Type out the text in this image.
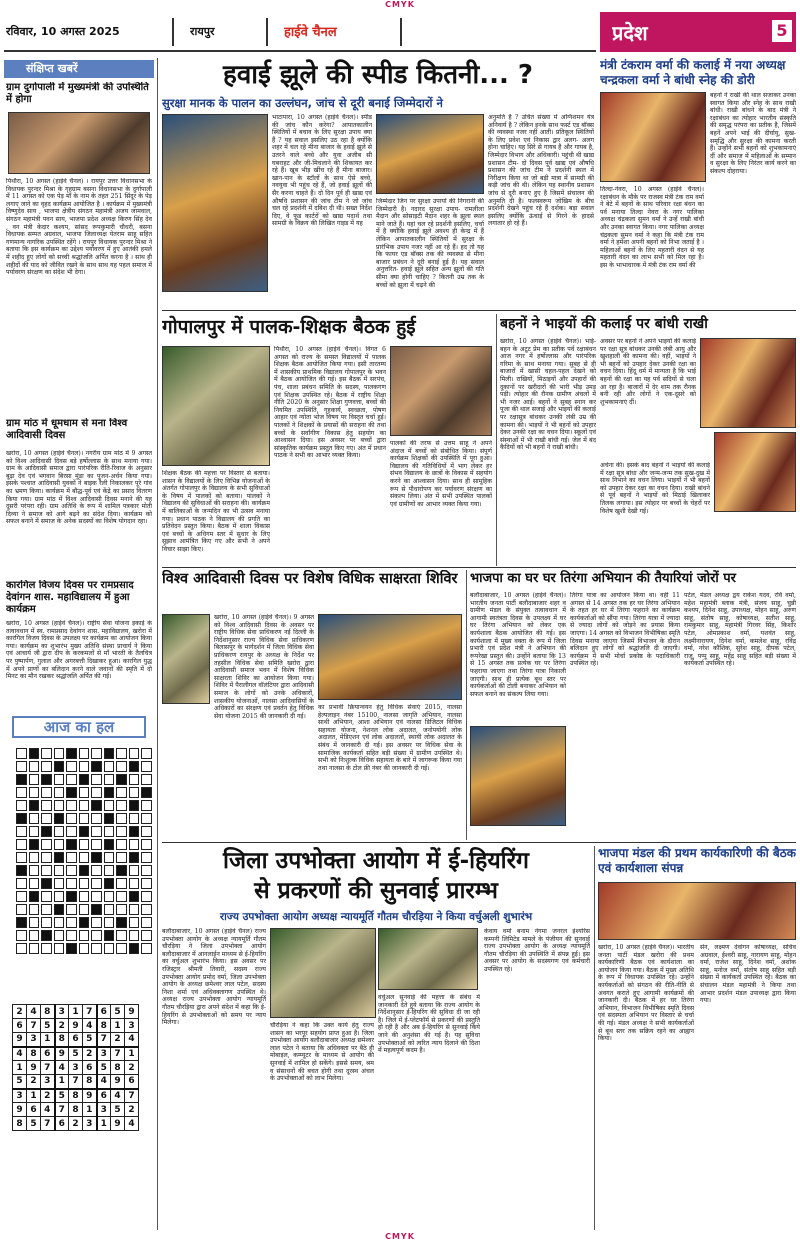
CMYK
रविवार, 10 अगस्त 2025	रायपुर	हाईवे चैनल	प्रदेश	5
संक्षिप्त खबरें
ग्राम दुर्गापाली में मुख्यमंत्री की उपस्थिति में होगा
पिथौरा, 10 अगस्त (हाईवे चैनल) । रायपुर उत्तर विधानसभा के विधायक पुरन्दर मिश्रा के गृहग्राम बसना विधानसभा के दुर्गापाली में 11 अगस्त को एक पेड़ माँ के नाम के तहत 251 सिंदूर के पेड़ लगाए जाने का वृहद कार्यक्रम आयोजित है । कार्यक्रम में मुख्यमंत्री विष्णुदेव साय , भाजपा क्षेत्रीय संगठन महामंत्री अजय जामवाल, संगठन महामंत्री पवन साय, भाजपा प्रदेश अध्यक्ष किरण सिंह देव , वन मंत्री केदार कश्यप, सांसद रूपकुमारी चौधरी, बसना विधायक सम्पत अग्रवाल, भाजपा जिलाध्यक्ष येतराम साहू सहित गणमान्य नागरिक उपस्थित रहेंगे । रायपुर विधायक पुरन्दर मिश्रा ने बताया कि इस कार्यक्रम का उद्देश्य पर्यावरण में हुए आतंकी हमले में शहीद हुए लोगों को सच्ची श्रद्धांजलि अर्पित करना है । साथ ही शहीदों की याद को जीवित रखने के साथ साथ यह पहल समाज में पर्यावरण संरक्षण का संदेश भी देगा।
ग्राम मांठ में धूमधाम से मना विश्व आदिवासी दिवस
खरोरा, 10 अगस्त (हाईवे चैनल)। नगरीय ग्राम मांठ में 9 अगस्त को विश्व आदिवासी दिवस बड़े हर्षोल्लास के साथ मनाया गया। ग्राम के आदिवासी समाज द्वारा पारंपरिक रीति-रिवाज के अनुसार बूढ़ा देव एवं भगवान बिरसा मुंडा का पूजन-अर्चन किया गया। इसके पश्चात आदिवासी युवकों ने बाइक रैली निकालकर पूरे गांव का भ्रमण किया। कार्यक्रम में बौद्ध-पूर्व एवं केंद्रे का प्रसाद वितरण किया गया। ग्राम मांठ में विश्व आदिवासी दिवस मनाने की यह दूसरी परंपरा रही। ग्राम अतिथि के रूप में शामिल पत्रकार मोती दिव्या ने समाज को आगे बढ़ने का संदेश दिया। कार्यक्रम को सफल बनाने में समाज के अनेक सदस्यों का विशेष योगदान रहा।
कारगिल विजय दिवस पर रामप्रसाद देवांगन शास. महाविद्यालय में हुआ कार्यक्रम
खरोरा, 10 अगस्त (हाईवे चैनल)। राष्ट्रीय सेवा योजना इकाई के तत्वावधान में स्व. रामप्रसाद देवांगन शास. महाविद्यालय, खरोरा में कारगिल विजय दिवस के उपलक्ष्य पर कार्यक्रम का आयोजन किया गया। कार्यक्रम का शुभारंभ मुख्य अतिथि संस्था प्राचार्य ने किया एवं आचार्य जी द्वारा दीप के करकमलों से माँ भारती के तैलचित्र पर पुष्पार्पण, गुलाल और अगरबत्ती दिखाकर हुआ। कारगिल युद्ध में अपने प्राणों का बलिदान करने वाले जवानों की स्मृति में दो मिनट का मौन रखकर श्रद्धांजलि अर्पित की गई।
आज का हल

2	4	8	3	1	7	6	5	9
6	7	5	2	9	4	8	1	3
9	3	1	8	6	5	7	2	4
4	8	6	9	5	2	3	7	1
1	9	7	4	3	6	5	8	2
5	2	3	1	7	8	4	9	6
3	1	2	5	8	9	6	4	7
9	6	4	7	8	1	3	5	2
8	5	7	6	2	3	1	9	4
हवाई झूले की स्पीड कितनी... ?
सुरक्षा मानक के पालन का उल्लंघन, जांच से दूरी बनाई जिम्मेदारों ने
भाटापारा, 10 अगस्त (हाईवे चैनल)। स्पीड की जांच कौन करेगा? आपातकालीन स्थितियों में बचाव के लिए सुरक्षा उपाय क्या हैं ? यह सवाल इसलिए उठ रहा है क्योंकि शहर में चल रहे मीना बाजार के हवाई झूले से उतरने वाले बच्चे और युवा अजीब सी घबराहट और जी-मिचलाने की शिकायत कर रहे हैं। खूब भीड़ खींच रहे हैं मीना बाजार। खान-पान के स्टॉलों के साथ ऐसे बच्चे, नवयुवा भी पहुंच रहे हैं, जो हवाई झूलों की सैर करना चाहते हैं। दो दिन पूर्व ही खाद्य एवं औषधि प्रशासन की जांच टीम ने जो जांच चल रहे प्रदर्शनी में दबिश दी थी। सख्त निर्देश दिए, वे फूड कार्टरों को खाद्य पदार्थ तथा सामग्री के विक्रय की लिखित गाइड में यह
जिम्मेदार जिन पर सुरक्षा उपायों की निगरानी की जिम्मेदारी है। नदारद सुरक्षा उपाय- रामलीला मैदान और सोसाइटी मैदान शहर के झूला स्थल माने जाते हैं। यहां चल रहे प्रदर्शनी इसलिए, चर्चा में है क्योंकि हवाई झूले अवश्य ही केन्द्र में हैं लेकिन आपातकालीन स्थितियों में सुरक्षा के प्रारंभिक उपाय नजर नहीं आ रहे हैं। हद तो यह कि फायर एड बॉक्स तक की व्यवस्था से मीना बाजार प्रबंधन ने दूरी बनाई हुई है। यह सवाल अनुत्तरित- हवाई झूले सहित अन्य झूलों की गति सीमा क्या होनी चाहिए ? कितनी उम्र तक के बच्चों को झूला में चढ़ने की
अनुमति है ? उचित संख्या में अग्निशमन यंत्र अनिवार्य है ? लेकिन इनके साथ फर्स्ट एड बॉक्स की व्यवस्था नजर नहीं आती। प्रतिकूल स्थितियों के लिए प्रवेश एवं निकास द्वार अलग- अलग होना चाहिए। यह सिरे से गायब है और गायब है, जिम्मेदार विभाग और अधिकारी। पहुंची थी खाद्य प्रशासन टीम- दो दिवस पूर्व खाद्य एवं औषधि प्रशासन की जांच टीम ने प्रदर्शनी स्थल में निरीक्षण किया था जो बड़ी मात्रा में सामग्री की कड़ी जांच की थी। लेकिन यह स्थानीय प्रशासन जांच से दूरी बनाए हुए है जिसमें संचालन की अनुमति दी है। फलस्वरूप जोखिम के बीच प्रदर्शनी देखने पहुंच रहे हैं दर्शक। बड़ा सवाल इसलिए क्योंकि ऊंचाई से गिरने के हादसे लगातार हो रहे हैं।
मंत्री टंकराम वर्मा की कलाई में नया अध्यक्ष चन्द्रकला वर्मा ने बांधी स्नेह की डोरी
तिल्दा-नेवरा, 10 अगस्त (हाईवे चैनल)। रक्षाबंधन के मौके पर राजस्व मंत्री टंक राम वर्मा ने बेटे में बहनों के साथ परिवार रक्षा बंधन का पर्व मनाया तिल्दा नेवरा के नगर पालिका अध्यक्ष चंद्रकला सुमन वर्मा ने उन्हें राखी बांधी और उनका स्वागत किया। नगर पालिका अध्यक्ष चंद्रकला सुमन वर्मा ने कहा कि मंत्री टंक राम वर्मा ने हमेशा अपनी बहनों को निभा जताई है । महिलाओं बहनों के लिए महतारी वंदन से यह महतारी वंदन का लाभ सभी को मिल रहा है। इस के भाभाधारक में मंत्री टंक राम वर्मा की
बहनों ने राखी की थाल सजाकर उनका स्वागत किया और स्नेह के साथ राखी बांधी। राखी बांधने के बाद मंत्री ने रक्षाबंधन का त्योहार भारतीय संस्कृति की समृद्ध परंपरा का प्रतीक है, जिसमें बहनें अपने भाई की दीर्घायु, सुख-समृद्धि और सुरक्षा की कामना करती हैं। उन्होंने सभी बहनों को शुभकामनाएं दीं और समाज में महिलाओं के सम्मान व सुरक्षा के लिए निरंतर कार्य करने का संकल्प दोहराया।
गोपालपुर में पालक-शिक्षक बैठक हुई
पिथौरा, 10 अगस्त (हाईवे चैनल)। विगत 6 अगस्त को राज्य के समस्त विद्यालयों में पालक शिक्षक बैठक आयोजित किया गया। इसी तारतम्य में शासकीय प्राथमिक विद्यालय गोपालपुर के भवन में बैठक आयोजित की गई। इस बैठक में सरपंच, पंच, शाला प्रबंधन समिति के सदस्य, पालकगण एवं शिक्षक उपस्थित रहे। बैठक में राष्ट्रीय शिक्षा नीति 2020 के अनुसार शिक्षा गुणवत्ता, बच्चों की नियमित उपस्थिति, गृहकार्य, स्वच्छता, पोषण आहार एवं न्योता भोज विषय पर विस्तृत चर्चा हुई। पालकों ने शिक्षकों के प्रयासों की सराहना की तथा बच्चों के सर्वांगीण विकास हेतु सहयोग का आश्वासन दिया। इस अवसर पर बच्चों द्वारा सांस्कृतिक कार्यक्रम प्रस्तुत किए गए। अंत में प्रधान पाठक ने सभी का आभार व्यक्त किया।
शिक्षक बैठक की महत्ता पर विस्तार से बताया। शासन के विद्यालयों के लिए विभिन्न योजनाओं के अंतर्गत गोपालपुर के विद्यालय के सभी सुविधाओं के विषय में पालकों को बताया। पालकों ने विद्यालय की सुविधाओं की सराहना की। कार्यक्रम में बालिकाओं के जन्मदिन का भी उत्सव मनाया गया। प्रधान पाठक ने विद्यालय की प्रगति का प्रतिवेदन प्रस्तुत किया। बैठक में शाला विकास एवं बच्चों के अधिगम स्तर में सुधार के लिए सुझाव आमंत्रित किए गए और सभी ने अपने विचार साझा किए।
पालकों की तरफ से उत्तम साहू ने अपने अंदाज में बच्चों को संबोधित किया। संपूर्ण कार्यक्रम शिक्षकों की उपस्थिति में पूरा हुआ। विद्यालय की गतिविधियों में भाग लेकर हर संभव विद्यालय के छात्रों के विकास में सहयोग करने का आश्वासन दिया। साथ ही सामूहिक रूप से पौधारोपण कर पर्यावरण संरक्षण का संकल्प लिया। अंत में सभी उपस्थित पालकों एवं ग्रामीणों का आभार व्यक्त किया गया।
बहनों ने भाइयों की कलाई पर बांधी राखी
खरोरा, 10 अगस्त (हाईवे चैनल)। भाई-बहन के अटूट प्रेम का प्रतीक पर्व रक्षाबंधन आज नगर में हर्षोल्लास और पारंपरिक गरिमा के साथ मनाया गया। सुबह से ही बाजारों में खासी चहल-पहल देखने को मिली। राखियों, मिठाइयों और उपहारों की दुकानों पर खरीदारों की भारी भीड़ उमड़ पड़ी। त्योहार की रौनक ग्रामीण अंचलों में भी नजर आई। बहनों ने सुबह स्नान कर पूजा की थाल सजाई और भाइयों की कलाई पर रक्षासूत्र बांधकर उनकी लंबी उम्र की कामना की। भाइयों ने भी बहनों को उपहार देकर उनकी रक्षा का वचन दिया। स्कूलों एवं संस्थाओं में भी राखी बांधी गई। जेल में बंद कैदियों को भी बहनों ने राखी बांधी।
अवसर पर बहनों ने अपने भाइयों की कलाई पर रक्षा सूत्र बांधकर उनकी लंबी आयु और खुशहाली की कामना की। वहीं, भाइयों ने भी बहनों को उपहार देकर उनकी रक्षा का वचन दिया। हिंदू धर्म में मान्यता है कि भाई बहनों की रक्षा का यह पर्व सदियों से चला आ रहा है। बाजारों में देर शाम तक रौनक बनी रही और लोगों ने एक-दूसरे को शुभकामनाएं दीं।
अर्चना की। इसके बाद बहनों ने भाइयों की कलाई में रक्षा सूत्र बांधा और जन्म-जन्म तक सुख-दुख में साथ निभाने का वचन लिया। भाइयों ने भी बहनों को उपहार देकर रक्षा का वचन दिया। राखी बांधने से पूर्व बहनों ने भाइयों को मिठाई खिलाकर तिलक लगाया। इस त्योहार पर बच्चों के चेहरों पर विशेष खुशी देखी गई।
विश्व आदिवासी दिवस पर विशेष विधिक साक्षरता शिविर
खरोरा, 10 अगस्त (हाईवे चैनल)। 9 अगस्त को विश्व आदिवासी दिवस के अवसर पर राष्ट्रीय विधिक सेवा प्राधिकरण नई दिल्ली के निर्देशानुसार राज्य विधिक सेवा प्राधिकरण बिलासपुर के मार्गदर्शन में जिला विधिक सेवा प्राधिकरण रायपुर के अध्यक्ष के निर्देश पर तहसील विधिक सेवा समिति खरोरा द्वारा आदिवासी समाज भवन में विशेष विधिक साक्षरता शिविर का आयोजन किया गया। शिविर में पैरालीगल वॉलंटियर द्वारा आदिवासी समाज के लोगों को उनके अधिकारों, शासकीय योजनाओं, नालसा आदिवासियों के अधिकारों का संरक्षण एवं प्रवर्तन हेतु विधिक सेवा योजना 2015 की जानकारी दी गई।
का प्रभावी क्रियान्वयन हेतु विधिक सेवाएं 2015, नालसा हेल्पलाइन नंबर 15100, नालसा जागृति अभियान, नालसा साथी अभियान, आशा अभियान एवं नालसा डिजिटल विधिक सहायता योजना, नेशनल लोक अदालत, जनोपयोगी लोक अदालत, मेडिएशन एवं लोक अदालतों, स्थायी लोक अदालत के संबंध में जानकारी दी गई। इस अवसर पर विधिक सेवा के सामाजिक कार्यकर्ता सहित बड़ी संख्या में ग्रामीण उपस्थित थे। सभी को निःशुल्क विधिक सहायता के बारे में जागरूक किया गया तथा नालसा के टोल फ्री नंबर की जानकारी दी गई।
भाजपा का घर घर तिरंगा अभियान की तैयारियां जोरों पर
बलौदाबाजार, 10 अगस्त (हाईवे चैनल)। भारतीय जनता पार्टी बलौदाबाजार शहर व ग्रामीण मंडल के संयुक्त तत्वावधान में आगामी स्वतंत्रता दिवस के उपलक्ष्य में घर घर तिरंगा अभियान को लेकर एक कार्यशाला बैठक आयोजित की गई। इस कार्यशाला में मुख्य वक्ता के रूप में जिला प्रभारी एवं प्रदेश मंत्री ने अभियान की रूपरेखा प्रस्तुत की। उन्होंने बताया कि 13 से 15 अगस्त तक प्रत्येक घर पर तिरंगा फहराया जाएगा तथा तिरंगा यात्रा निकाली जाएगी। साथ ही प्रत्येक बूथ स्तर पर कार्यकर्ताओं की टोली बनाकर अभियान को सफल बनाने का संकल्प लिया गया।
तिरंगा यात्रा का आयोजन किया था। वहीं 11 अगस्त से 14 अगस्त तक हर घर तिरंगा अभियान के तहत हर घर में तिरंगा फहराने का कार्यक्रम कार्यकर्ताओं को सौंपा गया। तिरंगा यात्रा में ज्यादा से ज्यादा लोगों को जोड़ने का प्रयास किया जाएगा। 14 अगस्त को विभाजन विभीषिका स्मृति दिवस मनाया जाएगा जिसमें विभाजन के दौरान बलिदान हुए लोगों को श्रद्धांजलि दी जाएगी। कार्यक्रम में सभी मोर्चा प्रकोष्ठ के पदाधिकारी उपस्थित रहे।
पटेल, मंडल अध्यक्ष द्वय राकेश यदव, रवि वर्मा, महेश महामंत्री ब्लाक मंत्री, संजय साहू, चुन्नी कश्यप, दिनेश साहू, उपाध्यक्ष, मोहन साहू, अरुण साहू, संतोष साहू, कोषाध्यक्ष, सतीश साहू, रामकुमार साहू, महामंत्री गिरवर सिंह, किशोर पटेल, ओमप्रकाश वर्मा, यशवंत साहू, लक्ष्मीनारायण, दिनेश वर्मा, कमलेश साहू, रविंद्र वर्मा, नरेश कौशिक, सुरेश साहू, दीपक पटेल, राजू, पप्पू साहू, महेंद्र साहू सहित बड़ी संख्या में कार्यकर्ता उपस्थित रहे।
जिला उपभोक्ता आयोग में ई-हियरिंग
से प्रकरणों की सुनवाई प्रारम्भ
राज्य उपभोक्ता आयोग अध्यक्ष न्यायमूर्ति गौतम चौरड़िया ने किया वर्चुअली शुभारंभ
बलौदाबाजार, 10 अगस्त (हाईवे चैनल) राज्य उपभोक्ता आयोग के अध्यक्ष न्यायमूर्ति गौतम चौरड़िया ने जिला उपभोक्ता आयोग बलौदाबाजार में आनलाईन माध्यम से ई-हियरिंग का वर्चुअल शुभारंभ किया। इस अवसर पर रजिस्ट्रार श्रीमती तिवारी, सदस्य राज्य उपभोक्ता आयोग प्रमोद वर्मा, जिला उपभोक्ता आयोग के अध्यक्ष छमेश्वर लाल पटेल, सदस्य निशा शर्मा एवं अधिवक्तागण उपस्थित थे। अध्यक्ष राज्य उपभोक्ता आयोग न्यायमूर्ति गौतम चौरड़िया द्वारा अपने संदेश में कहा कि ई-हियरिंग से उपभोक्ताओं को समय पर न्याय मिलेगा।	चौरड़िया ने कहा कि उक्त कार्य हेतु राज्य शासन का भरपूर सहयोग प्राप्त हुआ है। जिला उपभोक्ता आयोग बलौदाबाजार अध्यक्ष छमेश्वर लाल पटेल ने बताया कि अधिवक्ता पर बैठे ही मोबाइल, कम्प्यूटर के माध्यम से आयोग की सुनवाई में शामिल हो सकेंगे। इससे समय, श्रम व संसाधनों की बचत होगी तथा दूरस्थ अंचल के उपभोक्ताओं को लाभ मिलेगा।
वर्चुअल सुनवाई की महत्ता के संबंध में जानकारी देते हुये बताया कि राज्य आयोग के निर्देशानुसार ई-हियरिंग की सुविधा दी जा रही है। जिले में ई-प्लेटफॉर्म से प्रकरणों की प्रस्तुति हो रही है और अब ई-हियरिंग से सुनवाई किये जाने की अनुशंसा की गई है। यह सुविधा उपभोक्ताओं को त्वरित न्याय दिलाने की दिशा में महत्वपूर्ण कदम है।
केवाय वर्मा बनाम नेगमा जनरल इंश्योरेंस कम्पनी लिमिटेड मामले के पंजीयन की सुनवाई राज्य उपभोक्ता आयोग के अध्यक्ष न्यायमूर्ति गौतम चौरड़िया की उपस्थिति में संपन्न हुई। इस अवसर पर आयोग के सदस्यगण एवं कर्मचारी उपस्थित रहे।
भाजपा मंडल की प्रथम कार्यकारिणी की बैठक एवं कार्यशाला संपन्न
खरोरा, 10 अगस्त (हाईवे चैनल)। भारतीय जनता पार्टी मंडल खरोरा की प्रथम कार्यकारिणी बैठक एवं कार्यशाला का आयोजन किया गया। बैठक में मुख्य अतिथि के रूप में विधायक उपस्थित रहे। उन्होंने कार्यकर्ताओं को संगठन की रीति-नीति से अवगत कराते हुए आगामी कार्यक्रमों की जानकारी दी। बैठक में हर घर तिरंगा अभियान, विभाजन विभीषिका स्मृति दिवस एवं सदस्यता अभियान पर विस्तार से चर्चा की गई। मंडल अध्यक्ष ने सभी कार्यकर्ताओं से बूथ स्तर तक सक्रिय रहने का आह्वान किया।
सेन, लक्ष्मण देवांगन कोषाध्यक्ष, सचिव अग्रवाल, ईश्वरी साहू, नारायण साहू, मोहन वर्मा, राजेश साहू, दिनेश वर्मा, अशोक साहू, मनोज वर्मा, संतोष साहू सहित बड़ी संख्या में कार्यकर्ता उपस्थित रहे। बैठक का संचालन मंडल महामंत्री ने किया तथा आभार प्रदर्शन मंडल उपाध्यक्ष द्वारा किया गया।
CMYK
